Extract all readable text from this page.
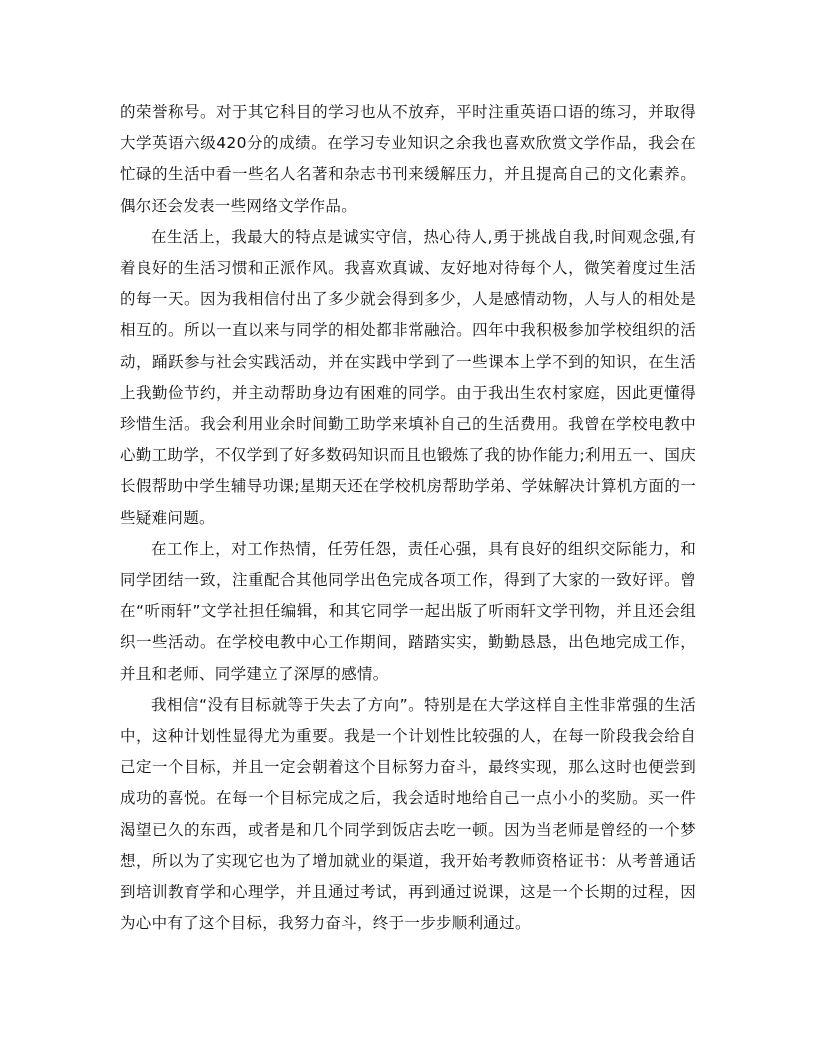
的荣誉称号。对于其它科目的学习也从不放弃，平时注重英语口语的练习，并取得大学英语六级420分的成绩。在学习专业知识之余我也喜欢欣赏文学作品，我会在忙碌的生活中看一些名人名著和杂志书刊来缓解压力，并且提高自己的文化素养。偶尔还会发表一些网络文学作品。

在生活上，我最大的特点是诚实守信，热心待人,勇于挑战自我,时间观念强,有着良好的生活习惯和正派作风。我喜欢真诚、友好地对待每个人，微笑着度过生活的每一天。因为我相信付出了多少就会得到多少，人是感情动物，人与人的相处是相互的。所以一直以来与同学的相处都非常融洽。四年中我积极参加学校组织的活动，踊跃参与社会实践活动，并在实践中学到了一些课本上学不到的知识，在生活上我勤俭节约，并主动帮助身边有困难的同学。由于我出生农村家庭，因此更懂得珍惜生活。我会利用业余时间勤工助学来填补自己的生活费用。我曾在学校电教中心勤工助学，不仅学到了好多数码知识而且也锻炼了我的协作能力;利用五一、国庆长假帮助中学生辅导功课;星期天还在学校机房帮助学弟、学妹解决计算机方面的一些疑难问题。

在工作上，对工作热情，任劳任怨，责任心强，具有良好的组织交际能力，和同学团结一致，注重配合其他同学出色完成各项工作，得到了大家的一致好评。曾在“听雨轩”文学社担任编辑，和其它同学一起出版了听雨轩文学刊物，并且还会组织一些活动。在学校电教中心工作期间，踏踏实实，勤勤恳恳，出色地完成工作，并且和老师、同学建立了深厚的感情。

我相信“没有目标就等于失去了方向”。特别是在大学这样自主性非常强的生活中，这种计划性显得尤为重要。我是一个计划性比较强的人，在每一阶段我会给自己定一个目标，并且一定会朝着这个目标努力奋斗，最终实现，那么这时也便尝到成功的喜悦。在每一个目标完成之后，我会适时地给自己一点小小的奖励。买一件渴望已久的东西，或者是和几个同学到饭店去吃一顿。因为当老师是曾经的一个梦想，所以为了实现它也为了增加就业的渠道，我开始考教师资格证书：从考普通话到培训教育学和心理学，并且通过考试，再到通过说课，这是一个长期的过程，因为心中有了这个目标，我努力奋斗，终于一步步顺利通过。
